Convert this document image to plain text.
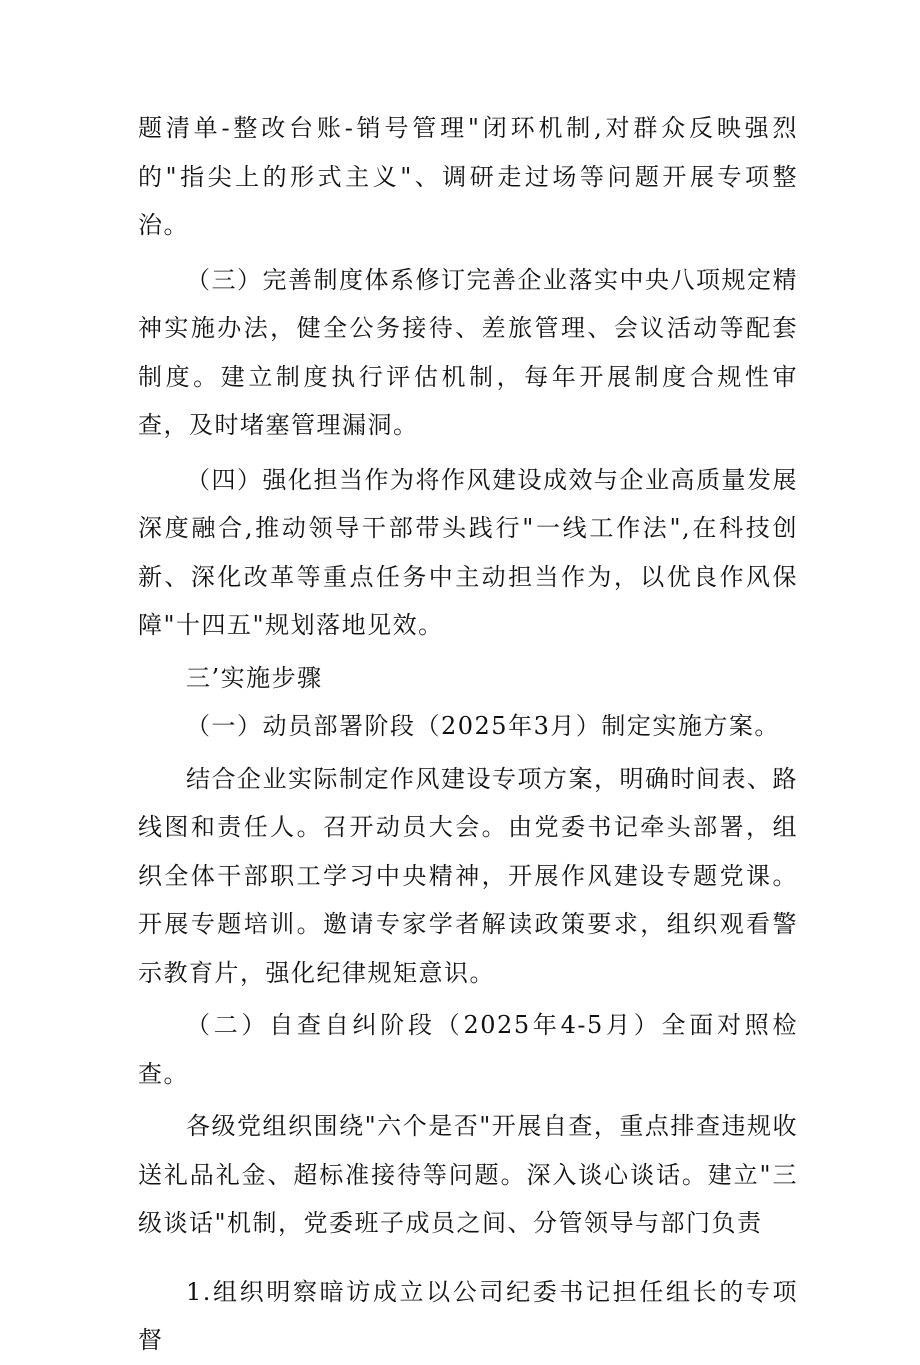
题清单-整改台账-销号管理"闭环机制,对群众反映强烈的"指尖上的形式主义"、调研走过场等问题开展专项整治。

（三）完善制度体系修订完善企业落实中央八项规定精神实施办法，健全公务接待、差旅管理、会议活动等配套制度。建立制度执行评估机制，每年开展制度合规性审查，及时堵塞管理漏洞。

（四）强化担当作为将作风建设成效与企业高质量发展深度融合,推动领导干部带头践行"一线工作法",在科技创新、深化改革等重点任务中主动担当作为，以优良作风保障"十四五"规划落地见效。

三’实施步骤

（一）动员部署阶段（2025年3月）制定实施方案。

结合企业实际制定作风建设专项方案，明确时间表、路线图和责任人。召开动员大会。由党委书记牵头部署，组织全体干部职工学习中央精神，开展作风建设专题党课。开展专题培训。邀请专家学者解读政策要求，组织观看警示教育片，强化纪律规矩意识。

（二）自查自纠阶段（2025年4-5月）全面对照检查。

各级党组织围绕"六个是否"开展自查，重点排查违规收送礼品礼金、超标准接待等问题。深入谈心谈话。建立"三级谈话"机制，党委班子成员之间、分管领导与部门负责

1.组织明察暗访成立以公司纪委书记担任组长的专项督
